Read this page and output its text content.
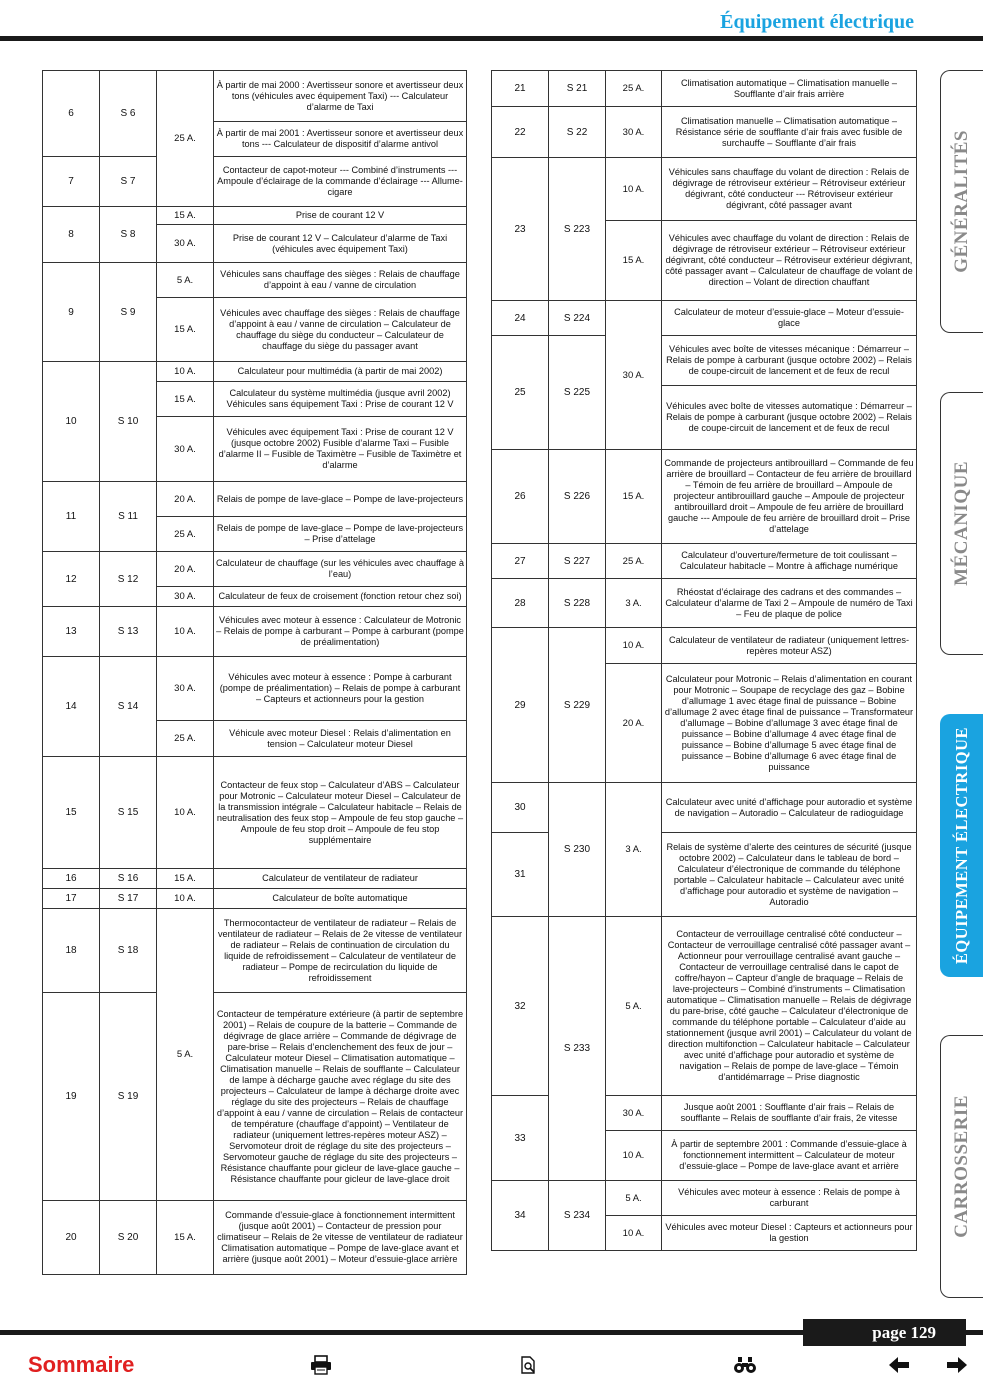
Équipement électrique
6	S 6	25 A.	À partir de mai 2000 : Avertisseur sonore et avertisseur deux tons (véhicules avec équipement Taxi) --- Calculateur d’alarme de Taxi
			À partir de mai 2001 : Avertisseur sonore et avertisseur deux tons --- Calculateur de dispositif d’alarme antivol
7	S 7		Contacteur de capot-moteur --- Combiné d’instruments --- Ampoule d’éclairage de la commande d’éclairage --- Allume-cigare
8	S 8	15 A.	Prise de courant 12 V
		30 A.	Prise de courant 12 V – Calculateur d’alarme de Taxi (véhicules avec équipement Taxi)
9	S 9	5 A.	Véhicules sans chauffage des sièges : Relais de chauffage d’appoint à eau / vanne de circulation
		15 A.	Véhicules avec chauffage des sièges : Relais de chauffage d’appoint à eau / vanne de circulation – Calculateur de chauffage du siège du conducteur – Calculateur de chauffage du siège du passager avant
10	S 10	10 A.	Calculateur pour multimédia (à partir de mai 2002)
		15 A.	Calculateur du système multimédia (jusque avril 2002) Véhicules sans équipement Taxi : Prise de courant 12 V
		30 A.	Véhicules avec équipement Taxi : Prise de courant 12 V (jusque octobre 2002) Fusible d’alarme Taxi – Fusible d’alarme II – Fusible de Taximètre – Fusible de Taximètre et d’alarme
11	S 11	20 A.	Relais de pompe de lave-glace – Pompe de lave-projecteurs
		25 A.	Relais de pompe de lave-glace – Pompe de lave-projecteurs – Prise d’attelage
12	S 12	20 A.	Calculateur de chauffage (sur les véhicules avec chauffage à l’eau)
		30 A.	Calculateur de feux de croisement (fonction retour chez soi)
13	S 13	10 A.	Véhicules avec moteur à essence : Calculateur de Motronic – Relais de pompe à carburant – Pompe à carburant (pompe de préalimentation)
14	S 14	30 A.	Véhicules avec moteur à essence : Pompe à carburant (pompe de préalimentation) – Relais de pompe à carburant – Capteurs et actionneurs pour la gestion
		25 A.	Véhicule avec moteur Diesel : Relais d’alimentation en tension – Calculateur moteur Diesel
15	S 15	10 A.	Contacteur de feux stop – Calculateur d’ABS – Calculateur pour Motronic – Calculateur moteur Diesel – Calculateur de la transmission intégrale – Calculateur habitacle – Relais de neutralisation des feux stop – Ampoule de feu stop gauche – Ampoule de feu stop droit – Ampoule de feu stop supplémentaire
16	S 16	15 A.	Calculateur de ventilateur de radiateur
17	S 17	10 A.	Calculateur de boîte automatique
18	S 18	5 A.	Thermocontacteur de ventilateur de radiateur – Relais de ventilateur de radiateur – Relais de 2e vitesse de ventilateur de radiateur – Relais de continuation de circulation du liquide de refroidissement – Calculateur de ventilateur de radiateur – Pompe de recirculation du liquide de refroidissement
19	S 19		Contacteur de température extérieure (à partir de septembre 2001) – Relais de coupure de la batterie – Commande de dégivrage de glace arrière – Commande de dégivrage de pare-brise – Relais d’enclenchement des feux de jour – Calculateur moteur Diesel – Climatisation automatique – Climatisation manuelle – Relais de soufflante – Calculateur de lampe à décharge gauche avec réglage du site des projecteurs – Calculateur de lampe à décharge droite avec réglage du site des projecteurs – Relais de chauffage d’appoint à eau / vanne de circulation – Relais de contacteur de température (chauffage d’appoint) – Ventilateur de radiateur (uniquement lettres-repères moteur ASZ) – Servomoteur droit de réglage du site des projecteurs – Servomoteur gauche de réglage du site des projecteurs – Résistance chauffante pour gicleur de lave-glace gauche – Résistance chauffante pour gicleur de lave-glace droit
20	S 20	15 A.	Commande d’essuie-glace à fonctionnement intermittent (jusque août 2001) – Contacteur de pression pour climatiseur – Relais de 2e vitesse de ventilateur de radiateur Climatisation automatique – Pompe de lave-glace avant et arrière (jusque août 2001) – Moteur d’essuie-glace arrière
21	S 21	25 A.	Climatisation automatique – Climatisation manuelle – Soufflante d’air frais arrière
22	S 22	30 A.	Climatisation manuelle – Climatisation automatique – Résistance série de soufflante d’air frais avec fusible de surchauffe – Soufflante d’air frais
23	S 223	10 A.	Véhicules sans chauffage du volant de direction : Relais de dégivrage de rétroviseur extérieur – Rétroviseur extérieur dégivrant, côté conducteur --- Rétroviseur extérieur dégivrant, côté passager avant
		15 A.	Véhicules avec chauffage du volant de direction : Relais de dégivrage de rétroviseur extérieur – Rétroviseur extérieur dégivrant, côté conducteur – Rétroviseur extérieur dégivrant, côté passager avant – Calculateur de chauffage de volant de direction – Volant de direction chauffant
24	S 224	30 A.	Calculateur de moteur d’essuie-glace – Moteur d’essuie-glace
25	S 225		Véhicules avec boîte de vitesses mécanique : Démarreur – Relais de pompe à carburant (jusque octobre 2002) – Relais de coupe-circuit de lancement et de feux de recul
			Véhicules avec boîte de vitesses automatique : Démarreur – Relais de pompe à carburant (jusque octobre 2002) – Relais de coupe-circuit de lancement et de feux de recul
26	S 226	15 A.	Commande de projecteurs antibrouillard – Commande de feu arrière de brouillard – Contacteur de feu arrière de brouillard – Témoin de feu arrière de brouillard – Ampoule de projecteur antibrouillard gauche – Ampoule de projecteur antibrouillard droit – Ampoule de feu arrière de brouillard gauche --- Ampoule de feu arrière de brouillard droit – Prise d’attelage
27	S 227	25 A.	Calculateur d’ouverture/fermeture de toit coulissant – Calculateur habitacle – Montre à affichage numérique
28	S 228	3 A.	Rhéostat d’éclairage des cadrans et des commandes – Calculateur d’alarme de Taxi 2 – Ampoule de numéro de Taxi – Feu de plaque de police
29	S 229	10 A.	Calculateur de ventilateur de radiateur (uniquement lettres-repères moteur ASZ)
		20 A.	Calculateur pour Motronic – Relais d’alimentation en courant pour Motronic – Soupape de recyclage des gaz – Bobine d’allumage 1 avec étage final de puissance – Bobine d’allumage 2 avec étage final de puissance – Transformateur d’allumage – Bobine d’allumage 3 avec étage final de puissance – Bobine d’allumage 4 avec étage final de puissance – Bobine d’allumage 5 avec étage final de puissance – Bobine d’allumage 6 avec étage final de puissance
30	S 230	3 A.	Calculateur avec unité d’affichage pour autoradio et système de navigation – Autoradio – Calculateur de radioguidage
31			Relais de système d’alerte des ceintures de sécurité (jusque octobre 2002) – Calculateur dans le tableau de bord – Calculateur d’électronique de commande du téléphone portable – Calculateur habitacle – Calculateur avec unité d’affichage pour autoradio et système de navigation – Autoradio
32	S 233	5 A.	Contacteur de verrouillage centralisé côté conducteur – Contacteur de verrouillage centralisé côté passager avant – Actionneur pour verrouillage centralisé avant gauche – Contacteur de verrouillage centralisé dans le capot de coffre/hayon – Capteur d’angle de braquage – Relais de lave-projecteurs – Combiné d’instruments – Climatisation automatique – Climatisation manuelle – Relais de dégivrage du pare-brise, côté gauche – Calculateur d’électronique de commande du téléphone portable – Calculateur d’aide au stationnement (jusque avril 2001) – Calculateur du volant de direction multifonction – Calculateur habitacle – Calculateur avec unité d’affichage pour autoradio et système de navigation – Relais de pompe de lave-glace – Témoin d’antidémarrage – Prise diagnostic
33		30 A.	Jusque août 2001 : Soufflante d’air frais – Relais de soufflante – Relais de soufflante d’air frais, 2e vitesse
		10 A.	À partir de septembre 2001 : Commande d’essuie-glace à fonctionnement intermittent – Calculateur de moteur d’essuie-glace – Pompe de lave-glace avant et arrière
34	S 234	5 A.	Véhicules avec moteur à essence : Relais de pompe à carburant
		10 A.	Véhicules avec moteur Diesel : Capteurs et actionneurs pour la gestion
GÉNÉRALITÉS
MÉCANIQUE
ÉQUIPEMENT ÉLECTRIQUE
CARROSSERIE
page 129
Sommaire
